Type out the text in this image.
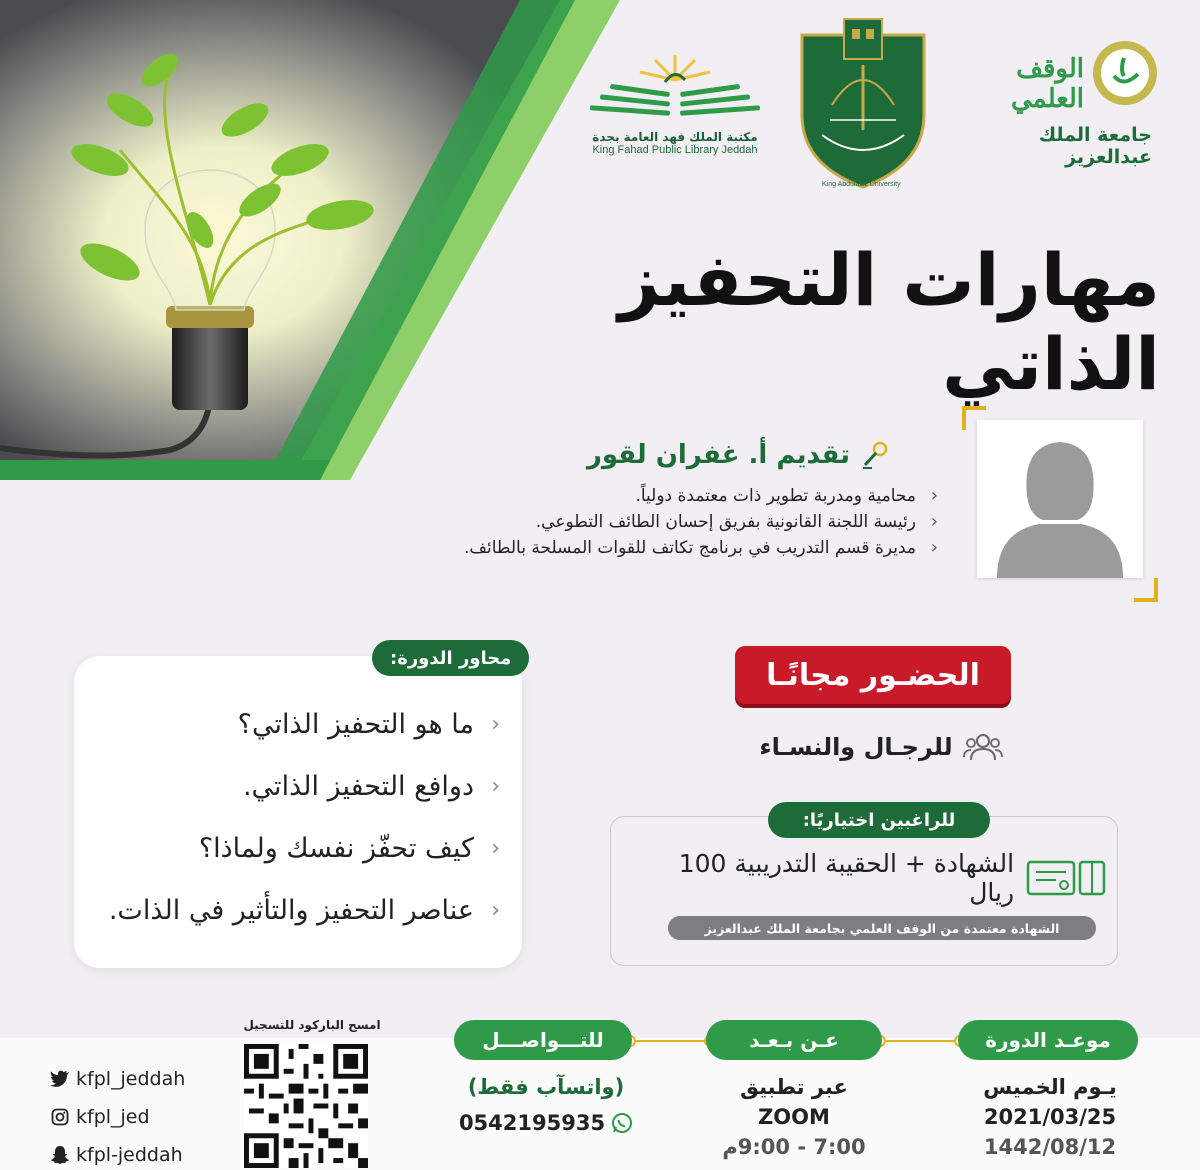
مكتبة الملك فهد العامة بجدة
King Fahad Public Library Jeddah
King Abdulaziz University
الوقف العلمي
جامعة الملك عبدالعزيز
مهارات التحفيز الذاتي
تقديم أ. غفران لقور
‹ محامية ومدربة تطوير ذات معتمدة دولياً.
‹ رئيسة اللجنة القانونية بفريق إحسان الطائف التطوعي.
‹ مديرة قسم التدريب في برنامج تكاتف للقوات المسلحة بالطائف.
محاور الدورة:
‹ ما هو التحفيز الذاتي؟
‹ دوافع التحفيز الذاتي.
‹ كيف تحفّز نفسك ولماذا؟
‹ عناصر التحفيز والتأثير في الذات.
الحضـور مجانًـا
للرجـال والنسـاء
للراغبين اختياريًا:
الشهادة + الحقيبة التدريبية 100 ريال
الشهادة معتمدة من الوقف العلمي بجامعة الملك عبدالعزيز
موعـد الدورة
عـن بـعـد
للتـــواصـــل
يـوم الخميس
2021/03/25
1442/08/12
عبر تطبيق
ZOOM
7:00 - 9:00م
(واتسآب فقط)
0542195935
امسح الباركود للتسجيل
kfpl_jeddah
kfpl_jed
kfpl-jeddah
